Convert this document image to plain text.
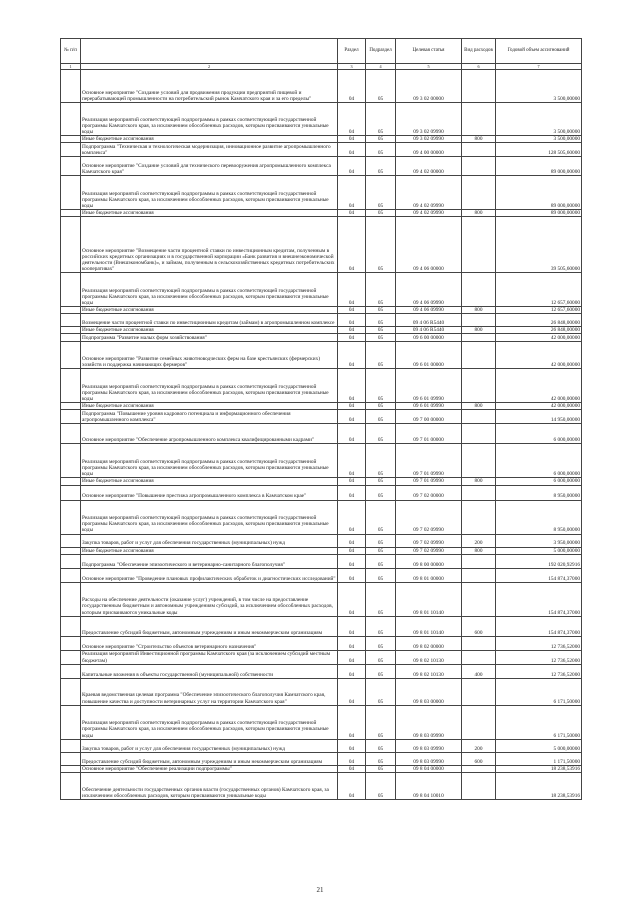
№ п/п		Раздел	Подраздел	Целевая статья	Вид расходов	Годовой объем ассигнований
1	2	3	4	5	6	7
	Основное мероприятие "Создание условий для продвижения продукции предприятий пищевой и перерабатывающей промышленности на потребительский рынок Камчатского края и за его пределы"	04	05	09 3 02 00000		3 500,00000
	Реализация мероприятий соответствующей подпрограммы в рамках соответствующей государственной программы Камчатского края, за исключением обособленных расходов, которым присваиваются уникальные коды	04	05	09 3 02 09990		3 500,00000
	Иные бюджетные ассигнования	04	05	09 3 02 09990	800	3 500,00000
	Подпрограмма "Техническая и технологическая модернизация, инновационное развитие агропромышленного комплекса"	04	05	09 4 00 00000		128 505,60000
	Основное мероприятие "Создание условий для технического перевооружения агропромышленного комплекса Камчатского края"	04	05	09 4 02 00000		89 000,00000
	Реализация мероприятий соответствующей подпрограммы в рамках соответствующей государственной программы Камчатского края, за исключением обособленных расходов, которым присваиваются уникальные коды	04	05	09 4 02 09990		89 000,00000
	Иные бюджетные ассигнования	04	05	09 4 02 09990	800	89 000,00000
	Основное мероприятие "Возмещение части процентной ставки по инвестиционным кредитам, полученным в российских кредитных организациях и в государственной корпорации «Банк развития и внешнеэкономической деятельности (Внешэкономбанк)», и займам, полученным в сельскохозяйственных кредитных потребительских кооперативах"	04	05	09 4 06 00000		39 505,60000
	Реализация мероприятий соответствующей подпрограммы в рамках соответствующей государственной программы Камчатского края, за исключением обособленных расходов, которым присваиваются уникальные коды	04	05	09 4 06 09990		12 657,60000
	Иные бюджетные ассигнования	04	05	09 4 06 09990	800	12 657,60000
	Возмещение части процентной ставки по инвестиционным кредитам (займам) в агропромышленном комплексе	04	05	09 4 06 R5440		26 848,00000
	Иные бюджетные ассигнования	04	05	09 4 06 R5440	800	26 848,00000
	Подпрограмма "Развитие малых форм хозяйствования"	04	05	09 6 00 00000		42 000,00000
	Основное мероприятие "Развитие семейных животноводческих ферм на базе крестьянских (фермерских) хозяйств и поддержка начинающих фермеров"	04	05	09 6 01 00000		42 000,00000
	Реализация мероприятий соответствующей подпрограммы в рамках соответствующей государственной программы Камчатского края, за исключением обособленных расходов, которым присваиваются уникальные коды	04	05	09 6 01 09990		42 000,00000
	Иные бюджетные ассигнования	04	05	09 6 01 09990	800	42 000,00000
	Подпрограмма "Повышение уровня кадрового потенциала и информационного обеспечения агропромышленного комплекса"	04	05	09 7 00 00000		14 950,00000
	Основное мероприятие "Обеспечение агропромышленного комплекса квалифицированными кадрами"	04	05	09 7 01 00000		6 000,00000
	Реализация мероприятий соответствующей подпрограммы в рамках соответствующей государственной программы Камчатского края, за исключением обособленных расходов, которым присваиваются уникальные коды	04	05	09 7 01 09990		6 000,00000
	Иные бюджетные ассигнования	04	05	09 7 01 09990	800	6 000,00000
	Основное мероприятие "Повышение престижа агропромышленного комплекса в Камчатском крае"	04	05	09 7 02 00000		8 950,00000
	Реализация мероприятий соответствующей подпрограммы в рамках соответствующей государственной программы Камчатского края, за исключением обособленных расходов, которым присваиваются уникальные коды	04	05	09 7 02 09990		8 950,00000
	Закупка товаров, работ и услуг для обеспечения государственных (муниципальных) нужд	04	05	09 7 02 09990	200	3 950,00000
	Иные бюджетные ассигнования	04	05	09 7 02 09990	800	5 000,00000
	Подпрограмма "Обеспечение эпизоотического и ветеринарно-санитарного благополучия"	04	05	09 8 00 00000		192 020,92916
	Основное мероприятие "Проведение плановых профилактических обработок и диагностических исследований"	04	05	09 8 01 00000		154 874,37000
	Расходы на обеспечение деятельности (оказание услуг) учреждений, в том числе на предоставление государственным бюджетным и автономным учреждениям субсидий, за исключением обособленных расходов, которым присваиваются уникальные коды	04	05	09 8 01 10140		154 874,37000
	Предоставление субсидий бюджетным, автономным учреждениям и иным некоммерческим организациям	04	05	09 8 01 10140	600	154 874,37000
	Основное мероприятие "Строительство объектов ветеринарного назначения"	04	05	09 8 02 00000		12 736,52000
	Реализация мероприятий Инвестиционной программы Камчатского края (за исключением субсидий местным бюджетам)	04	05	09 8 02 10130		12 736,52000
	Капитальные вложения в объекты государственной (муниципальной) собственности	04	05	09 8 02 10130	400	12 736,52000
	Краевая ведомственная целевая программа "Обеспечение эпизоотического благополучия Камчатского края, повышение качества и доступности ветеринарных услуг на территории Камчатского края"	04	05	09 8 03 00000		6 171,50000
	Реализация мероприятий соответствующей подпрограммы в рамках соответствующей государственной программы Камчатского края, за исключением обособленных расходов, которым присваиваются уникальные коды	04	05	09 8 03 09990		6 171,50000
	Закупка товаров, работ и услуг для обеспечения государственных (муниципальных) нужд	04	05	09 8 03 09990	200	5 000,00000
	Предоставление субсидий бюджетным, автономным учреждениям и иным некоммерческим организациям	04	05	09 8 03 09990	600	1 171,50000
	Основное мероприятие "Обеспечение реализации подпрограммы"	04	05	09 8 04 00000		18 238,53916
	Обеспечение деятельности государственных органов власти (государственных органов) Камчатского края, за исключением обособленных расходов, которым присваиваются уникальные коды	04	05	09 8 04 10010		18 238,53916
21
